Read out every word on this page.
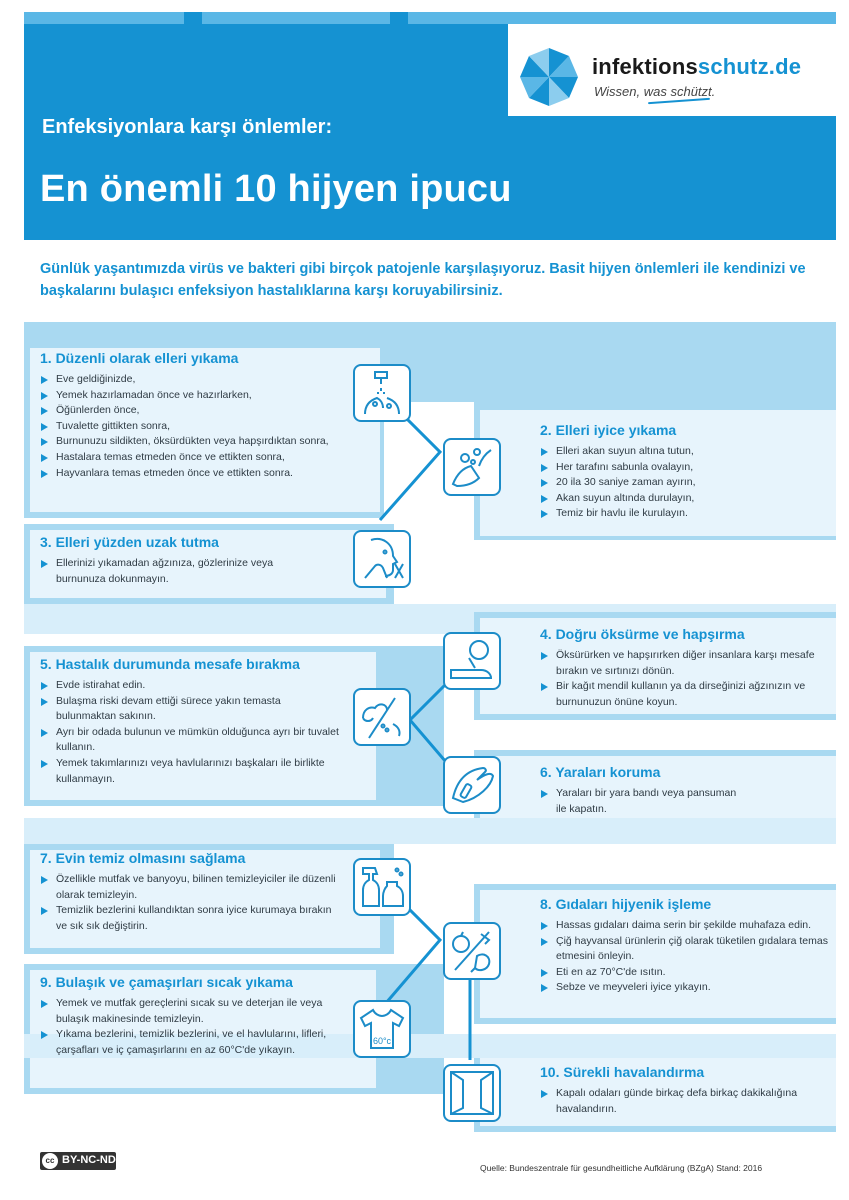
infektionsschutz.de
Wissen, was schützt.
Enfeksiyonlara karşı önlemler:
En önemli 10 hijyen ipucu
Günlük yaşantımızda virüs ve bakteri gibi birçok patojenle karşılaşıyoruz. Basit hijyen önlemleri ile kendinizi ve başkalarını bulaşıcı enfeksiyon hastalıklarına karşı koruyabilirsiniz.
60°c
1. Düzenli olarak elleri yıkama
Eve geldiğinizde,
Yemek hazırlamadan önce ve hazırlarken,
Öğünlerden önce,
Tuvalette gittikten sonra,
Burnunuzu sildikten, öksürdükten veya hapşırdıktan sonra,
Hastalara temas etmeden önce ve ettikten sonra,
Hayvanlara temas etmeden önce ve ettikten sonra.
2. Elleri iyice yıkama
Elleri akan suyun altına tutun,
Her tarafını sabunla ovalayın,
20 ila 30 saniye zaman ayırın,
Akan suyun altında durulayın,
Temiz bir havlu ile kurulayın.
3. Elleri yüzden uzak tutma
Ellerinizi yıkamadan ağzınıza, gözlerinize veya burnunuza dokunmayın.
4. Doğru öksürme ve hapşırma
Öksürürken ve hapşırırken diğer insanlara karşı mesafe bırakın ve sırtınızı dönün.
Bir kağıt mendil kullanın ya da dirseğinizi ağzınızın ve burnunuzun önüne koyun.
5. Hastalık durumunda mesafe bırakma
Evde istirahat edin.
Bulaşma riski devam ettiği sürece yakın temasta bulunmaktan sakının.
Ayrı bir odada bulunun ve mümkün olduğunca ayrı bir tuvalet kullanın.
Yemek takımlarınızı veya havlularınızı başkaları ile birlikte kullanmayın.	6. Yaraları koruma
Yaraları bir yara bandı veya pansuman ile kapatın.
7. Evin temiz olmasını sağlama
Özellikle mutfak ve banyoyu, bilinen temizleyiciler ile düzenli olarak temizleyin.
Temizlik bezlerini kullandıktan sonra iyice kurumaya bırakın ve sık sık değiştirin.
8. Gıdaları hijyenik işleme
Hassas gıdaları daima serin bir şekilde muhafaza edin.
Çiğ hayvansal ürünlerin çiğ olarak tüketilen gıdalara temas etmesini önleyin.
Eti en az 70°C'de ısıtın.
Sebze ve meyveleri iyice yıkayın.
9. Bulaşık ve çamaşırları sıcak yıkama
Yemek ve mutfak gereçlerini sıcak su ve deterjan ile veya bulaşık makinesinde temizleyin.
Yıkama bezlerini, temizlik bezlerini, ve el havlularını, lifleri, çarşafları ve iç çamaşırlarını en az 60°C'de yıkayın.
10. Sürekli havalandırma
Kapalı odaları günde birkaç defa birkaç dakikalığına havalandırın.
cc BY-NC-ND
Quelle: Bundeszentrale für gesundheitliche Aufklärung (BZgA) Stand: 2016
